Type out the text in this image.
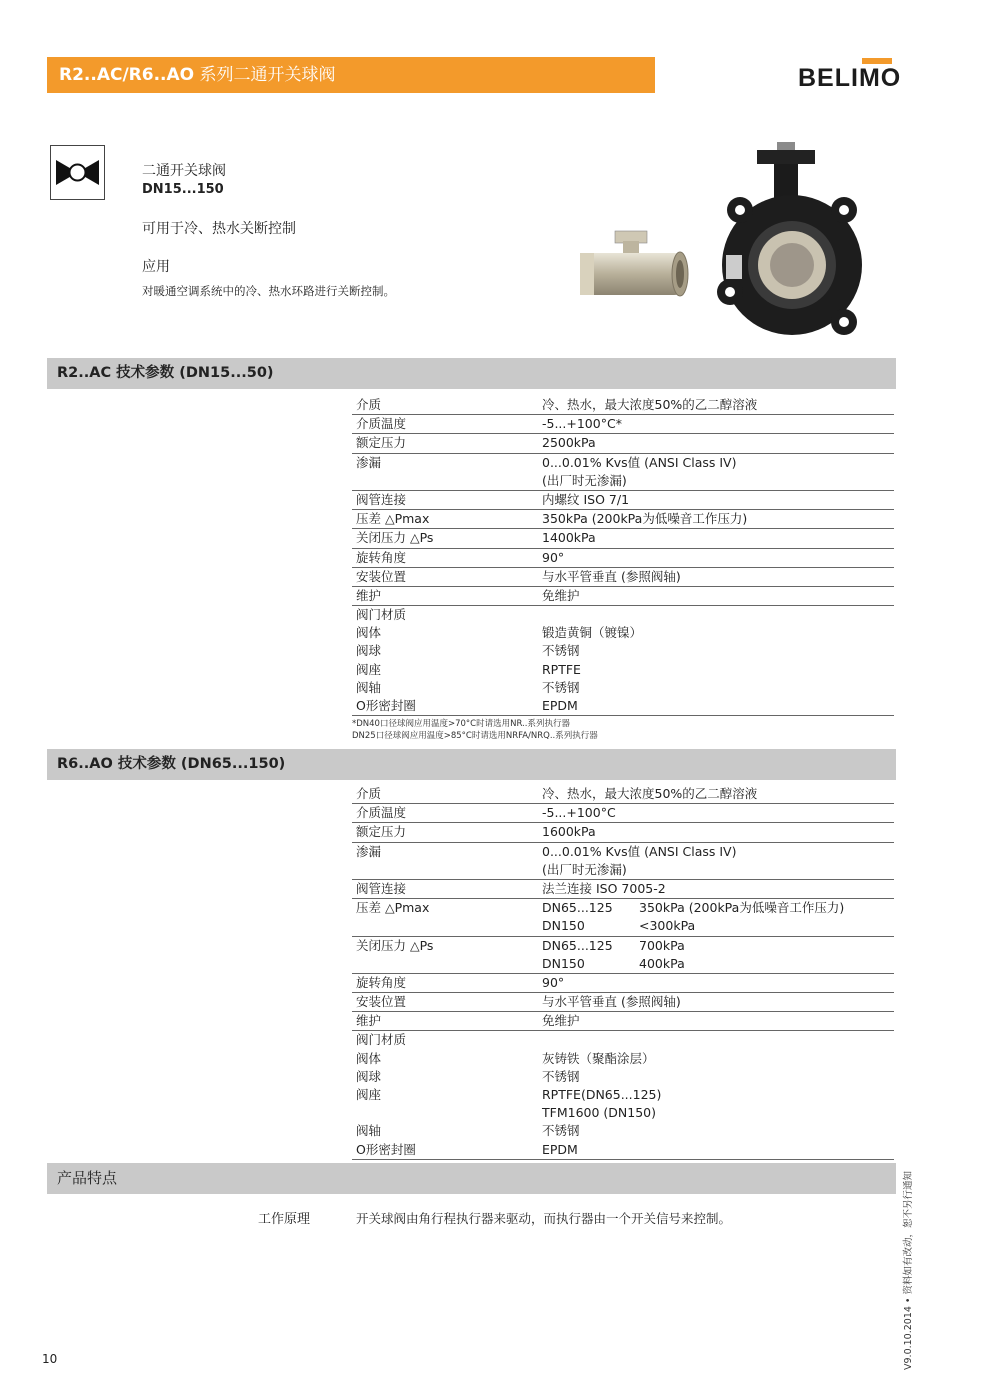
R2..AC/R6..AO 系列二通开关球阀	BELIMO
二通开关球阀
DN15...150
可用于冷、热水关断控制
应用
对暖通空调系统中的冷、热水环路进行关断控制。
R2..AC 技术参数 (DN15...50)
介质	冷、热水，最大浓度50%的乙二醇溶液
介质温度	-5...+100°C*
额定压力	2500kPa
渗漏	0...0.01% Kvs值 (ANSI Class IV)
(出厂时无渗漏)
阀管连接	内螺纹 ISO 7/1
压差 △Pmax	350kPa (200kPa为低噪音工作压力)
关闭压力 △Ps	1400kPa
旋转角度	90°
安装位置	与水平管垂直 (参照阀轴)
维护	免维护
阀门材质
阀体	锻造黄铜（镀镍）
阀球	不锈钢
阀座	RPTFE
阀轴	不锈钢
O形密封圈	EPDM
*DN40口径球阀应用温度>70°C时请选用NR..系列执行器
DN25口径球阀应用温度>85°C时请选用NRFA/NRQ..系列执行器
R6..AO 技术参数 (DN65...150)
介质	冷、热水，最大浓度50%的乙二醇溶液
介质温度	-5...+100°C
额定压力	1600kPa
渗漏	0...0.01% Kvs值 (ANSI Class IV)
(出厂时无渗漏)
阀管连接	法兰连接 ISO 7005-2
压差 △Pmax	DN65...125	350kPa (200kPa为低噪音工作压力)
DN150	<300kPa
关闭压力 △Ps	DN65...125	700kPa
DN150	400kPa
旋转角度	90°
安装位置	与水平管垂直 (参照阀轴)
维护	免维护
阀门材质
阀体	灰铸铁（聚酯涂层）
阀球	不锈钢
阀座	RPTFE(DN65...125)
TFM1600 (DN150)
阀轴	不锈钢
O形密封圈	EPDM
产品特点
工作原理	开关球阀由角行程执行器来驱动，而执行器由一个开关信号来控制。
10	V9.0.10.2014 • 资料如有改动，恕不另行通知
